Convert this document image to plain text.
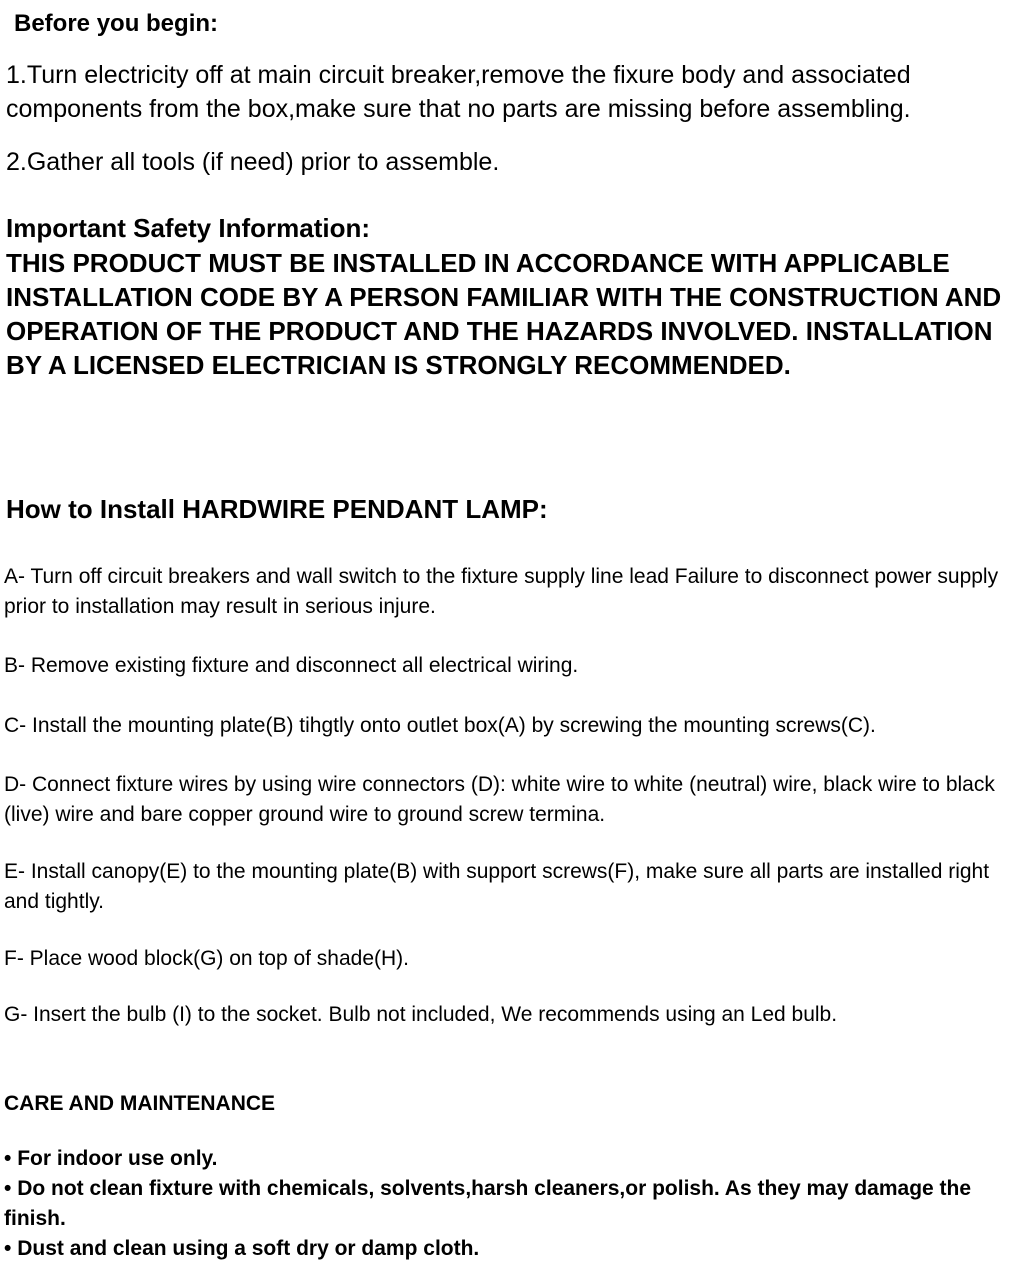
Before you begin:

1.Turn electricity off at main circuit breaker,remove the fixure body and associated components from the box,make sure that no parts are missing before assembling.

2.Gather all tools (if need) prior to assemble.

Important Safety Information:

THIS PRODUCT MUST BE INSTALLED IN ACCORDANCE WITH APPLICABLE INSTALLATION CODE BY A PERSON FAMILIAR WITH THE CONSTRUCTION AND OPERATION OF THE PRODUCT AND THE HAZARDS INVOLVED. INSTALLATION BY A LICENSED ELECTRICIAN IS STRONGLY RECOMMENDED.

How to Install HARDWIRE PENDANT LAMP:

A- Turn off circuit breakers and wall switch to the fixture supply line lead Failure to disconnect power supply prior to installation may result in serious injure.

B- Remove existing fixture and disconnect all electrical wiring.

C- Install the mounting plate(B) tihgtly onto outlet box(A) by screwing the mounting screws(C).

D- Connect fixture wires by using wire connectors (D): white wire to white (neutral) wire, black wire to black (live) wire and bare copper ground wire to ground screw termina.

E- Install canopy(E) to the mounting plate(B) with support screws(F), make sure all parts are installed right and tightly.

F- Place wood block(G) on top of shade(H).

G- Insert the bulb (I) to the socket. Bulb not included, We recommends using an Led bulb.

CARE AND MAINTENANCE

• For indoor use only.
• Do not clean fixture with chemicals, solvents,harsh cleaners,or polish. As they may damage the finish.
• Dust and clean using a soft dry or damp cloth.
